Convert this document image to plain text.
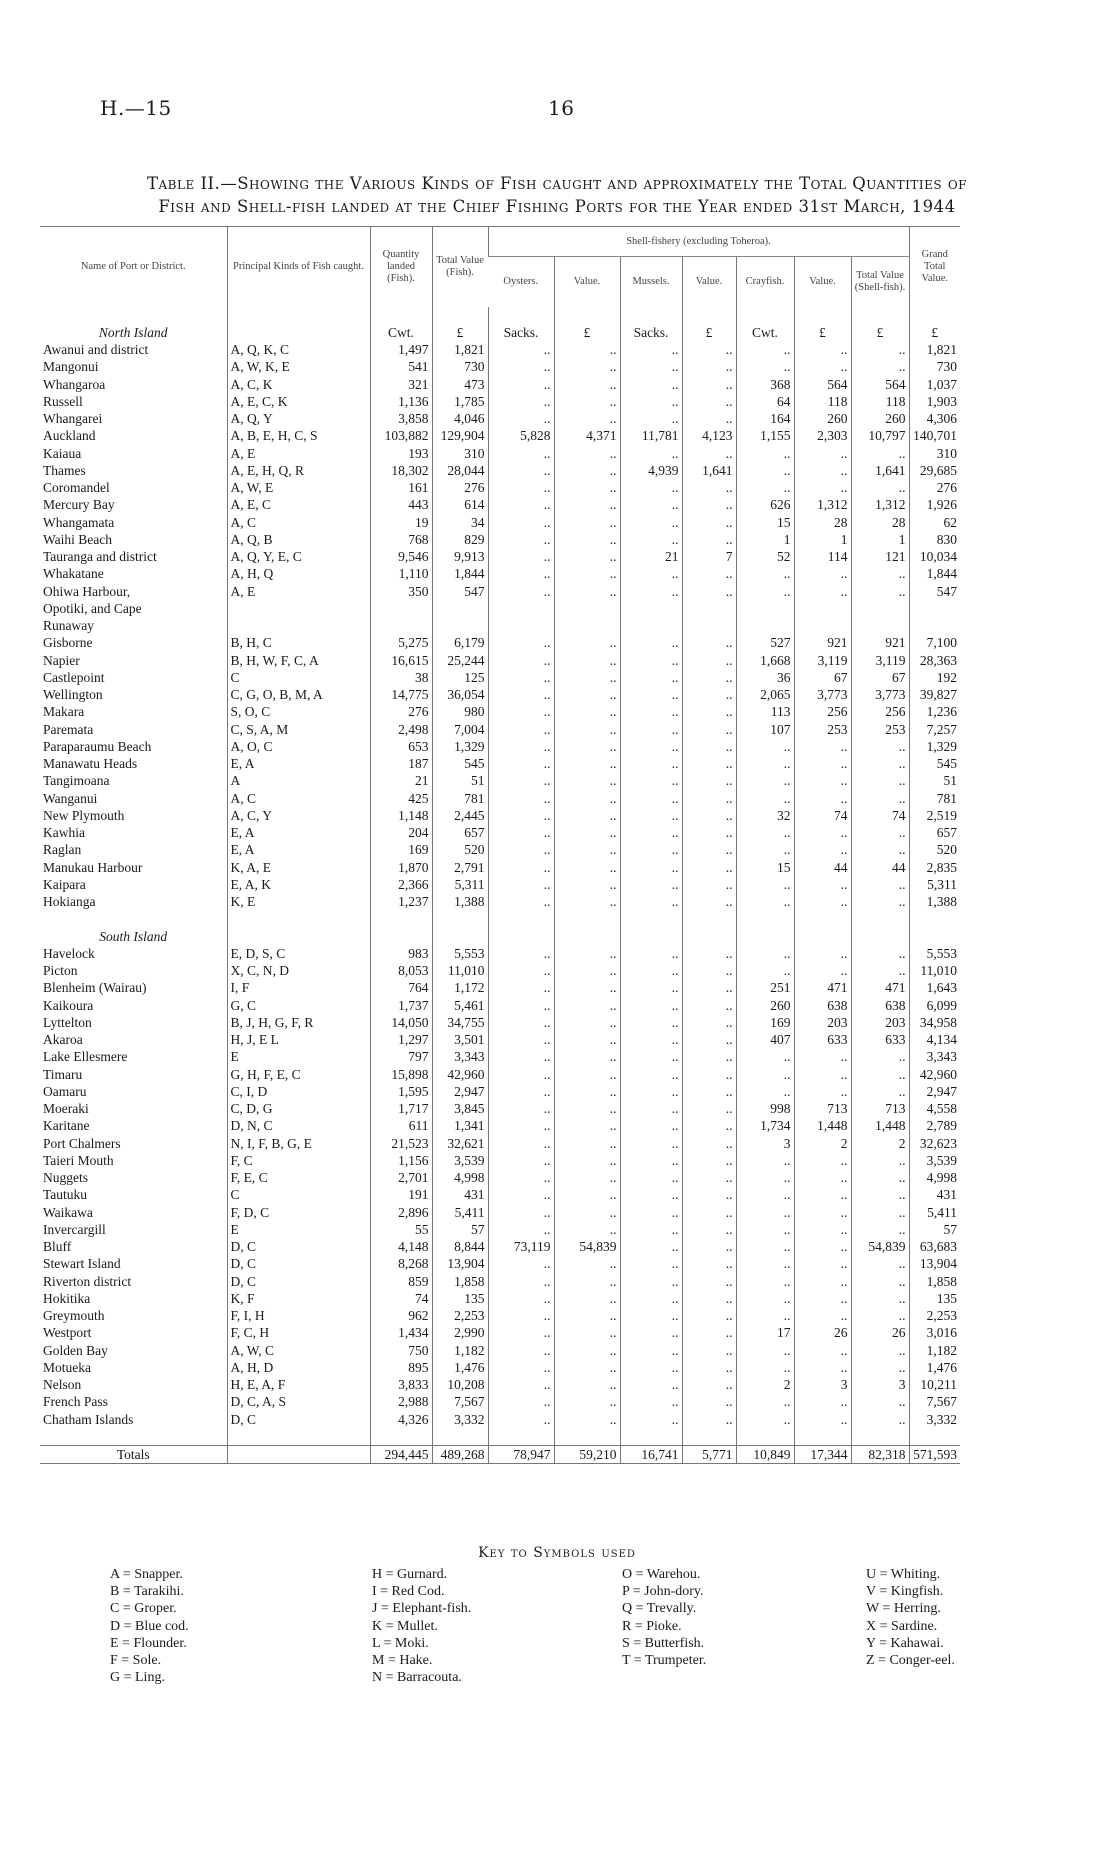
H.—15	16
Table II.—Showing the Various Kinds of Fish caught and approximately the Total Quantities of
Fish and Shell-fish landed at the Chief Fishing Ports for the Year ended 31st March, 1944
Name of Port or District.	Principal Kinds of Fish caught.	Quantity landed (Fish).	Total Value (Fish).	Shell-fishery (excluding Toheroa).							Grand Total Value.
				Oysters.	Value.	Mussels.	Value.	Crayfish.	Value.	Total Value (Shell-fish).	

North Island		Cwt.	£	Sacks.	£	Sacks.	£	Cwt.	£	£	£
Awanui and district	A, Q, K, C	1,497	1,821	..	..	..	..	..	..	..	1,821
Mangonui	A, W, K, E	541	730	..	..	..	..	..	..	..	730
Whangaroa	A, C, K	321	473	..	..	..	..	368	564	564	1,037
Russell	A, E, C, K	1,136	1,785	..	..	..	..	64	118	118	1,903
Whangarei	A, Q, Y	3,858	4,046	..	..	..	..	164	260	260	4,306
Auckland	A, B, E, H, C, S	103,882	129,904	5,828	4,371	11,781	4,123	1,155	2,303	10,797	140,701
Kaiaua	A, E	193	310	..	..	..	..	..	..	..	310
Thames	A, E, H, Q, R	18,302	28,044	..	..	4,939	1,641	..	..	1,641	29,685
Coromandel	A, W, E	161	276	..	..	..	..	..	..	..	276
Mercury Bay	A, E, C	443	614	..	..	..	..	626	1,312	1,312	1,926
Whangamata	A, C	19	34	..	..	..	..	15	28	28	62
Waihi Beach	A, Q, B	768	829	..	..	..	..	1	1	1	830
Tauranga and district	A, Q, Y, E, C	9,546	9,913	..	..	21	7	52	114	121	10,034
Whakatane	A, H, Q	1,110	1,844	..	..	..	..	..	..	..	1,844
Ohiwa Harbour,	A, E	350	547	..	..	..	..	..	..	..	547
Opotiki, and Cape											
Runaway											
Gisborne	B, H, C	5,275	6,179	..	..	..	..	527	921	921	7,100
Napier	B, H, W, F, C, A	16,615	25,244	..	..	..	..	1,668	3,119	3,119	28,363
Castlepoint	C	38	125	..	..	..	..	36	67	67	192
Wellington	C, G, O, B, M, A	14,775	36,054	..	..	..	..	2,065	3,773	3,773	39,827
Makara	S, O, C	276	980	..	..	..	..	113	256	256	1,236
Paremata	C, S, A, M	2,498	7,004	..	..	..	..	107	253	253	7,257
Paraparaumu Beach	A, O, C	653	1,329	..	..	..	..	..	..	..	1,329
Manawatu Heads	E, A	187	545	..	..	..	..	..	..	..	545
Tangimoana	A	21	51	..	..	..	..	..	..	..	51
Wanganui	A, C	425	781	..	..	..	..	..	..	..	781
New Plymouth	A, C, Y	1,148	2,445	..	..	..	..	32	74	74	2,519
Kawhia	E, A	204	657	..	..	..	..	..	..	..	657
Raglan	E, A	169	520	..	..	..	..	..	..	..	520
Manukau Harbour	K, A, E	1,870	2,791	..	..	..	..	15	44	44	2,835
Kaipara	E, A, K	2,366	5,311	..	..	..	..	..	..	..	5,311
Hokianga	K, E	1,237	1,388	..	..	..	..	..	..	..	1,388

South Island											
Havelock	E, D, S, C	983	5,553	..	..	..	..	..	..	..	5,553
Picton	X, C, N, D	8,053	11,010	..	..	..	..	..	..	..	11,010
Blenheim (Wairau)	I, F	764	1,172	..	..	..	..	251	471	471	1,643
Kaikoura	G, C	1,737	5,461	..	..	..	..	260	638	638	6,099
Lyttelton	B, J, H, G, F, R	14,050	34,755	..	..	..	..	169	203	203	34,958
Akaroa	H, J, E L	1,297	3,501	..	..	..	..	407	633	633	4,134
Lake Ellesmere	E	797	3,343	..	..	..	..	..	..	..	3,343
Timaru	G, H, F, E, C	15,898	42,960	..	..	..	..	..	..	..	42,960
Oamaru	C, I, D	1,595	2,947	..	..	..	..	..	..	..	2,947
Moeraki	C, D, G	1,717	3,845	..	..	..	..	998	713	713	4,558
Karitane	D, N, C	611	1,341	..	..	..	..	1,734	1,448	1,448	2,789
Port Chalmers	N, I, F, B, G, E	21,523	32,621	..	..	..	..	3	2	2	32,623
Taieri Mouth	F, C	1,156	3,539	..	..	..	..	..	..	..	3,539
Nuggets	F, E, C	2,701	4,998	..	..	..	..	..	..	..	4,998
Tautuku	C	191	431	..	..	..	..	..	..	..	431
Waikawa	F, D, C	2,896	5,411	..	..	..	..	..	..	..	5,411
Invercargill	E	55	57	..	..	..	..	..	..	..	57
Bluff	D, C	4,148	8,844	73,119	54,839	..	..	..	..	54,839	63,683
Stewart Island	D, C	8,268	13,904	..	..	..	..	..	..	..	13,904
Riverton district	D, C	859	1,858	..	..	..	..	..	..	..	1,858
Hokitika	K, F	74	135	..	..	..	..	..	..	..	135
Greymouth	F, I, H	962	2,253	..	..	..	..	..	..	..	2,253
Westport	F, C, H	1,434	2,990	..	..	..	..	17	26	26	3,016
Golden Bay	A, W, C	750	1,182	..	..	..	..	..	..	..	1,182
Motueka	A, H, D	895	1,476	..	..	..	..	..	..	..	1,476
Nelson	H, E, A, F	3,833	10,208	..	..	..	..	2	3	3	10,211
French Pass	D, C, A, S	2,988	7,567	..	..	..	..	..	..	..	7,567
Chatham Islands	D, C	4,326	3,332	..	..	..	..	..	..	..	3,332

Totals		294,445	489,268	78,947	59,210	16,741	5,771	10,849	17,344	82,318	571,593
Key to Symbols used
A = Snapper.
B = Tarakihi.
C = Groper.
D = Blue cod.
E = Flounder.
F = Sole.
G = Ling.
H = Gurnard.
I = Red Cod.
J = Elephant-fish.
K = Mullet.
L = Moki.
M = Hake.
N = Barracouta.
O = Warehou.
P = John-dory.
Q = Trevally.
R = Pioke.
S = Butterfish.
T = Trumpeter.
U = Whiting.
V = Kingfish.
W = Herring.
X = Sardine.
Y = Kahawai.
Z = Conger-eel.
